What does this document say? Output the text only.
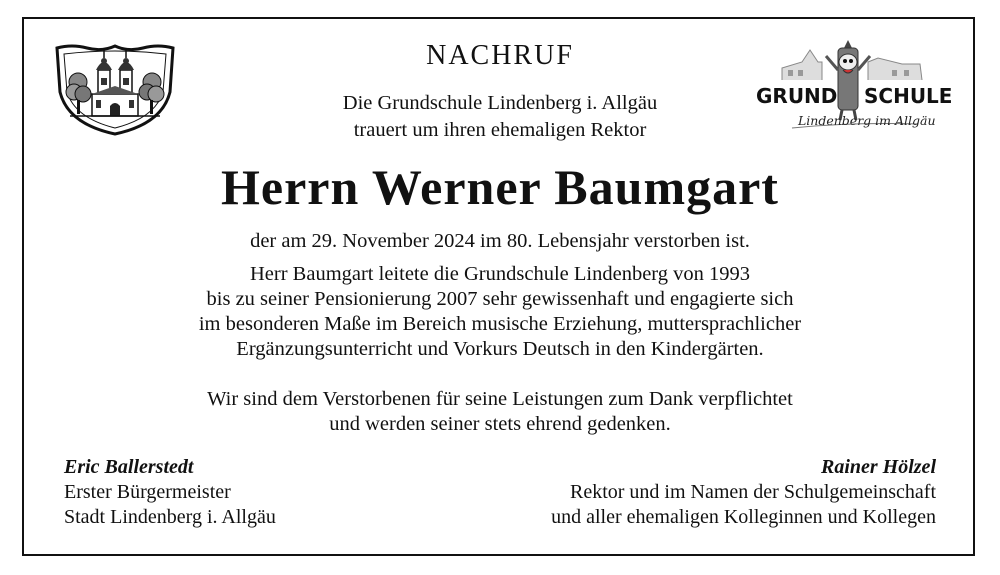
GRUND SCHULE
Lindenberg im Allgäu
NACHRUF
Die Grundschule Lindenberg i. Allgäu
trauert um ihren ehemaligen Rektor
Herrn Werner Baumgart
der am 29. November 2024 im 80. Lebensjahr verstorben ist.
Herr Baumgart leitete die Grundschule Lindenberg von 1993
bis zu seiner Pensionierung 2007 sehr gewissenhaft und engagierte sich
im besonderen Maße im Bereich musische Erziehung, muttersprachlicher
Ergänzungsunterricht und Vorkurs Deutsch in den Kindergärten.
Wir sind dem Verstorbenen für seine Leistungen zum Dank verpflichtet
und werden seiner stets ehrend gedenken.
Eric Ballerstedt
Erster Bürgermeister
Stadt Lindenberg i. Allgäu
Rainer Hölzel
Rektor und im Namen der Schulgemeinschaft
und aller ehemaligen Kolleginnen und Kollegen
